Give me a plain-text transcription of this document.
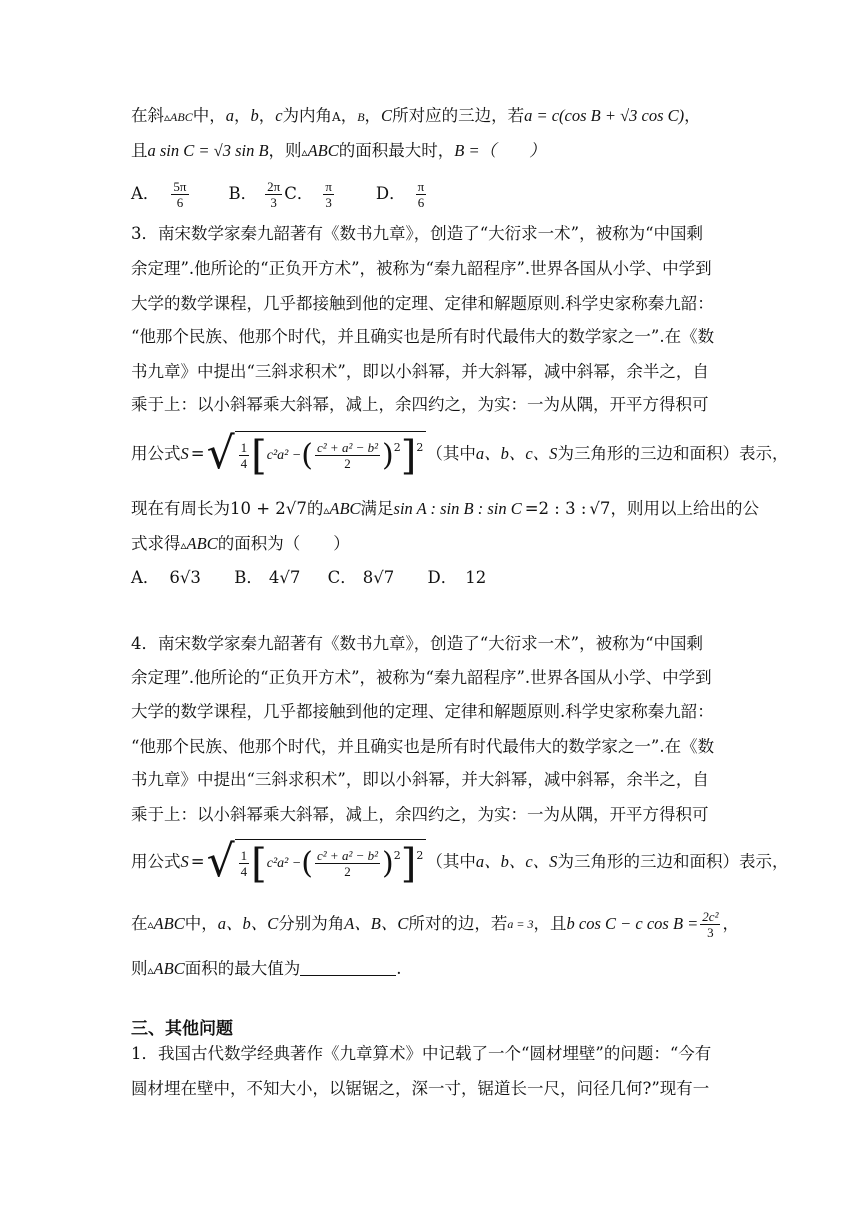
在斜▵ABC中，a，b，c为内角A，B，C所对应的三边，若a = c(cos B + √3 cos C)，
且a sin C = √3 sin B，则▵ABC的面积最大时，B =（　　）
A． $\frac{5\pi}{6}$ B． $\frac{2\pi}{3}$ C． $\frac{\pi}{3}$	D． $\frac{\pi}{6}$
3．南宋数学家秦九韶著有《数书九章》，创造了“大衍求一术”，被称为“中国剩
余定理”.他所论的“正负开方术”，被称为“秦九韶程序”.世界各国从小学、中学到
大学的数学课程，几乎都接触到他的定理、定律和解题原则.科学史家称秦九韶：
“他那个民族、他那个时代，并且确实也是所有时代最伟大的数学家之一”.在《数
书九章》中提出“三斜求积术”，即以小斜幂，并大斜幂，减中斜幂，余半之，自
乘于上：以小斜幂乘大斜幂，减上，余四约之，为实：一为从隅，开平方得积可
用公式 S = √ $\frac{1}{4}$ [ c²a² − ( $\frac{\text{c² + a² − b²}}{2}$ ) 2 ] 2 （其中 a、b、c、S 为三角形的三边和面积）表示，
现在有周长为10 + 2√7的▵ABC满足sin A : sin B : sin C =2 : 3 : √7，则用以上给出的公
式求得▵ABC的面积为（　　）
A． 6√3 B． 4√7 C． 8√7 D． 12
4．南宋数学家秦九韶著有《数书九章》，创造了“大衍求一术”，被称为“中国剩
余定理”.他所论的“正负开方术”，被称为“秦九韶程序”.世界各国从小学、中学到
大学的数学课程，几乎都接触到他的定理、定律和解题原则.科学史家称秦九韶：
“他那个民族、他那个时代，并且确实也是所有时代最伟大的数学家之一”.在《数
书九章》中提出“三斜求积术”，即以小斜幂，并大斜幂，减中斜幂，余半之，自
乘于上：以小斜幂乘大斜幂，减上，余四约之，为实：一为从隅，开平方得积可
用公式 S = √ $\frac{1}{4}$ [ c²a² − ( $\frac{\text{c² + a² − b²}}{2}$ ) 2 ] 2 （其中 a、b、c、S 为三角形的三边和面积）表示，
在 ▵ ABC 中， a、b、C 分别为角 A、B、C 所对的边，若 a = 3 ，且 b cos C − c $\cos B = \frac{\text{2c²}}{3}$ ，
则▵ABC面积的最大值为	.
三、其他问题
1．我国古代数学经典著作《九章算术》中记载了一个“圆材埋壁”的问题：“今有
圆材埋在壁中，不知大小，以锯锯之，深一寸，锯道长一尺，问径几何?”现有一
